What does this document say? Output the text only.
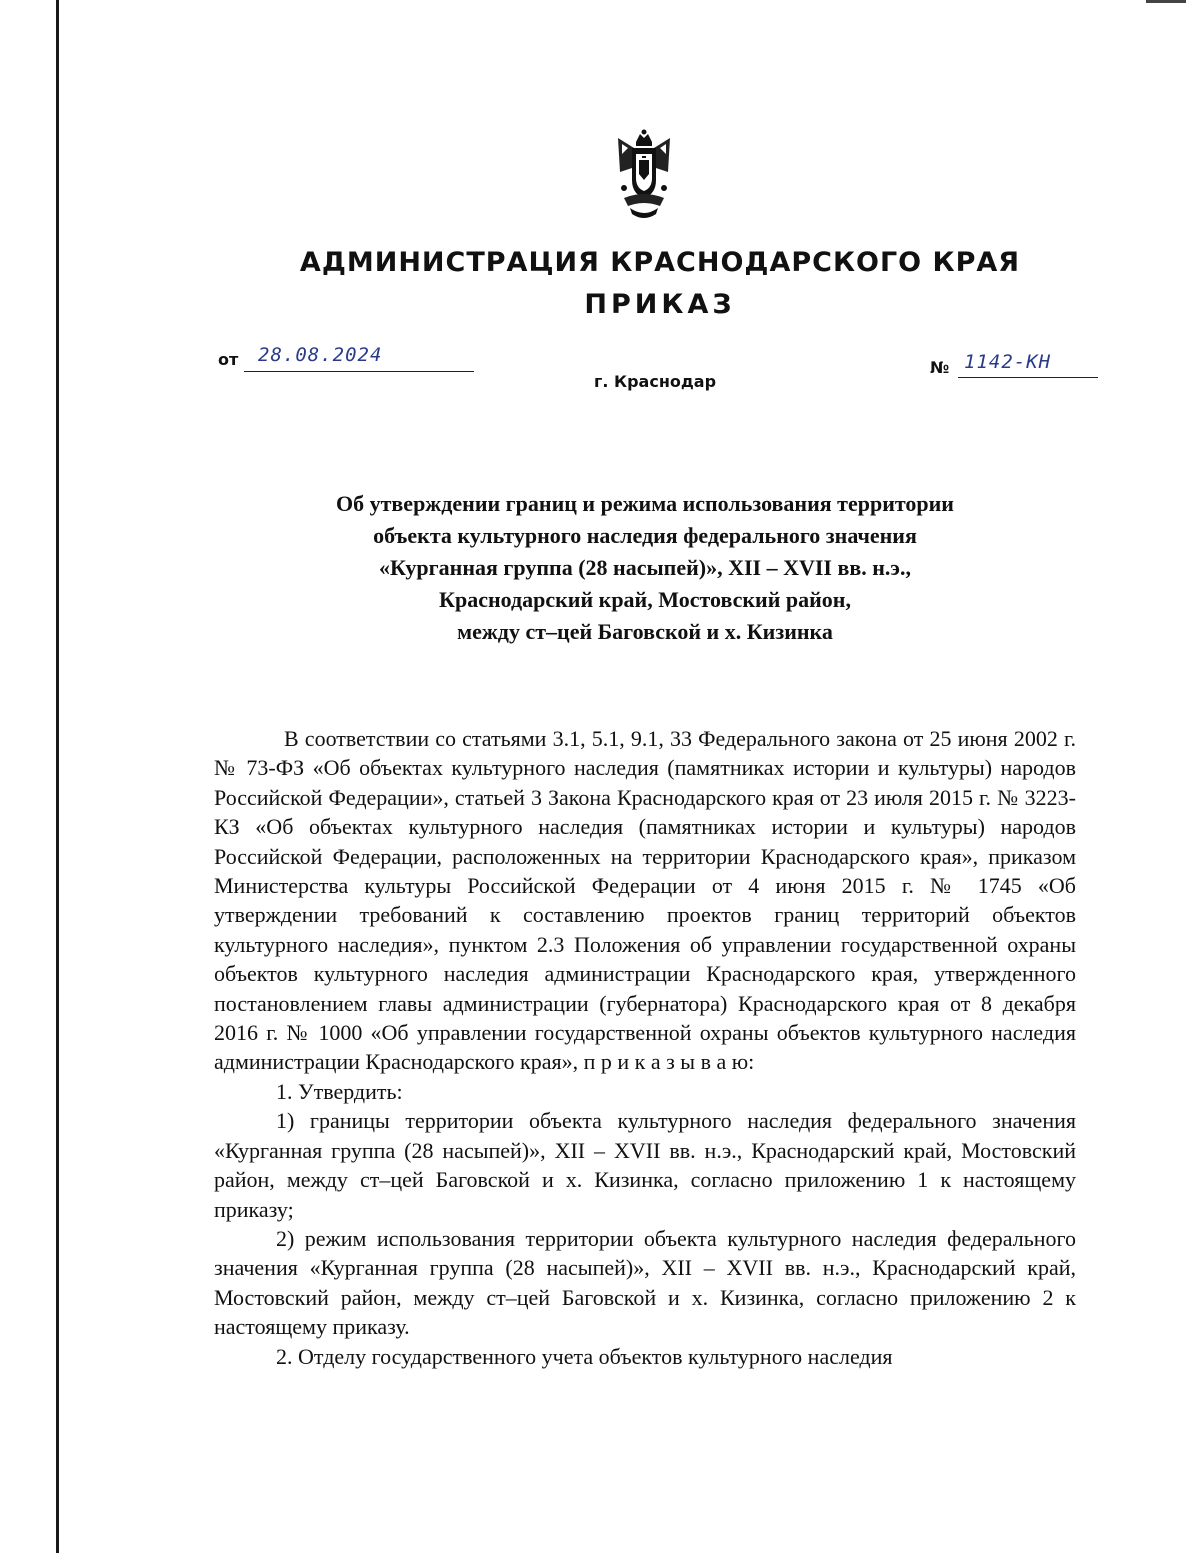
АДМИНИСТРАЦИЯ КРАСНОДАРСКОГО КРАЯ
ПРИКАЗ
от 28.08.2024
№ 1142-КН
г. Краснодар
Об утверждении границ и режима использования территории
объекта культурного наследия федерального значения
«Курганная группа (28 насыпей)», XII – XVII вв. н.э.,
Краснодарский край, Мостовский район,
между ст–цей Баговской и х. Кизинка

В соответствии со статьями 3.1, 5.1, 9.1, 33 Федерального закона от 25 июня 2002 г. № 73-ФЗ «Об объектах культурного наследия (памятниках истории и культуры) народов Российской Федерации», статьей 3 Закона Краснодарского края от 23 июля 2015 г. № 3223-КЗ «Об объектах культурного наследия (памятниках истории и культуры) народов Российской Федерации, расположенных на территории Краснодарского края», приказом Министерства культуры Российской Федерации от 4 июня 2015 г. № 1745 «Об утверждении требований к составлению проектов границ территорий объектов культурного наследия», пунктом 2.3 Положения об управлении государственной охраны объектов культурного наследия администрации Краснодарского края, утвержденного постановлением главы администрации (губернатора) Краснодарского края от 8 декабря 2016 г. № 1000 «Об управлении государственной охраны объектов культурного наследия администрации Краснодарского края», п р и к а з ы в а ю:

1. Утвердить:

1) границы территории объекта культурного наследия федерального значения «Курганная группа (28 насыпей)», XII – XVII вв. н.э., Краснодарский край, Мостовский район, между ст–цей Баговской и х. Кизинка, согласно приложению 1 к настоящему приказу;

2) режим использования территории объекта культурного наследия федерального значения «Курганная группа (28 насыпей)», XII – XVII вв. н.э., Краснодарский край, Мостовский район, между ст–цей Баговской и х. Кизинка, согласно приложению 2 к настоящему приказу.

2. Отделу государственного учета объектов культурного наследия
